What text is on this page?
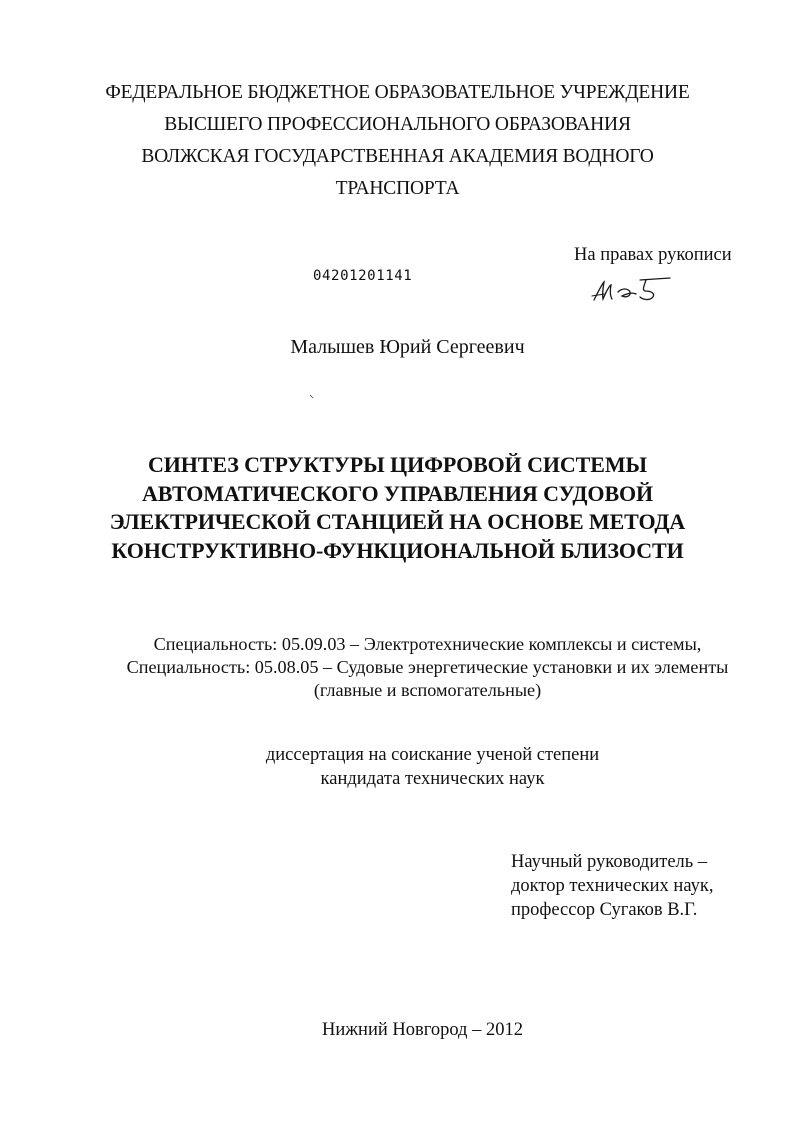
ФЕДЕРАЛЬНОЕ БЮДЖЕТНОЕ ОБРАЗОВАТЕЛЬНОЕ УЧРЕЖДЕНИЕ
ВЫСШЕГО ПРОФЕССИОНАЛЬНОГО ОБРАЗОВАНИЯ
ВОЛЖСКАЯ ГОСУДАРСТВЕННАЯ АКАДЕМИЯ ВОДНОГО
ТРАНСПОРТА
На правах рукописи
04201201141
Малышев Юрий Сергеевич
СИНТЕЗ СТРУКТУРЫ ЦИФРОВОЙ СИСТЕМЫ
АВТОМАТИЧЕСКОГО УПРАВЛЕНИЯ СУДОВОЙ
ЭЛЕКТРИЧЕСКОЙ СТАНЦИЕЙ НА ОСНОВЕ МЕТОДА
КОНСТРУКТИВНО-ФУНКЦИОНАЛЬНОЙ БЛИЗОСТИ
Специальность: 05.09.03 – Электротехнические комплексы и системы,
Специальность: 05.08.05 – Судовые энергетические установки и их элементы
(главные и вспомогательные)
диссертация на соискание ученой степени
кандидата технических наук
Научный руководитель –
доктор технических наук,
профессор Сугаков В.Г.
Нижний Новгород – 2012
